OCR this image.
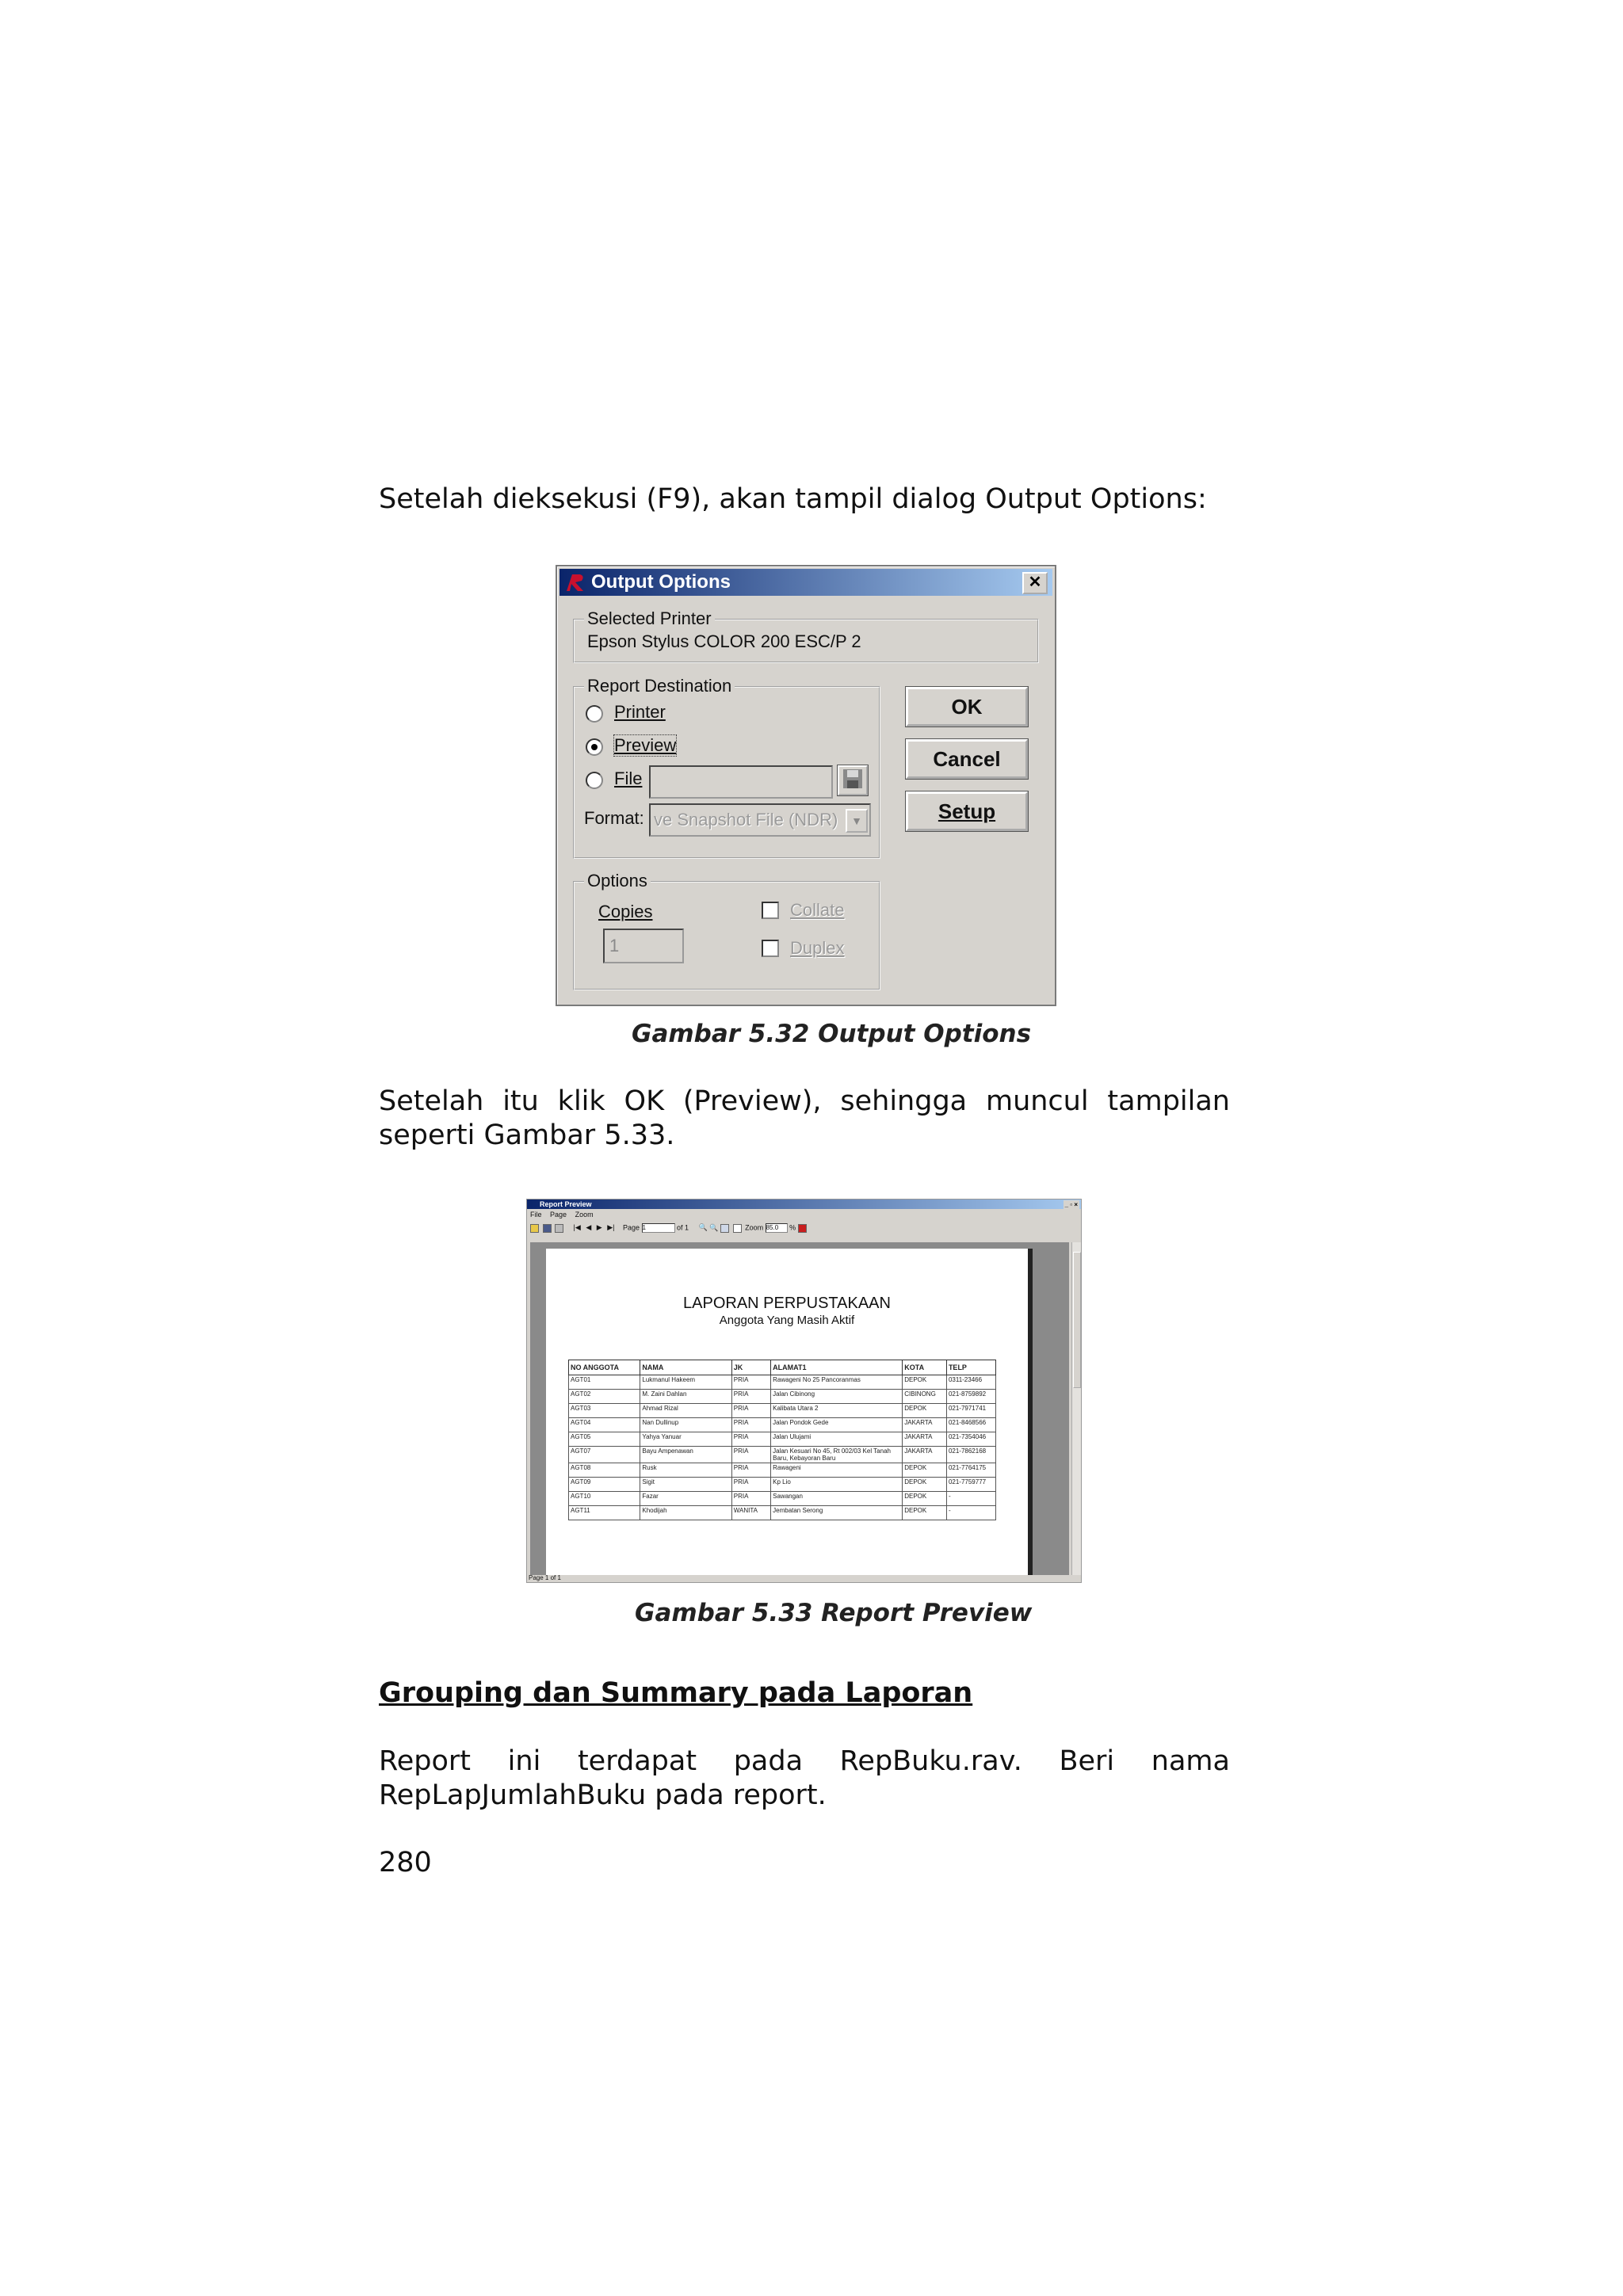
Setelah dieksekusi (F9), akan tampil dialog Output Options:
Output Options	✕
Selected Printer
Epson Stylus COLOR 200 ESC/P 2
Report Destination
Printer
Preview
File
Format: ve Snapshot File (NDR)	▼
Options
Copies
1
Collate
Duplex
OK
Cancel
Setup
Gambar 5.32 Output Options
Setelah itu klik OK (Preview), sehingga muncul tampilan seperti Gambar 5.33.
Report Preview	_ ▫ ×
File Page Zoom
|◀ ◀ ▶ ▶| Page 1	of 1 🔍 🔍	Zoom 85.0 %
LAPORAN PERPUSTAKAAN
Anggota Yang Masih Aktif
NO ANGGOTA	NAMA	JK	ALAMAT1	KOTA	TELP
AGT01	Lukmanul Hakeem	PRIA	Rawageni No 25 Pancoranmas	DEPOK	0311-23466
AGT02	M. Zaini Dahlan	PRIA	Jalan Cibinong	CIBINONG	021-8759892
AGT03	Ahmad Rizal	PRIA	Kalibata Utara 2	DEPOK	021-7971741
AGT04	Nan Dullinup	PRIA	Jalan Pondok Gede	JAKARTA	021-8468566
AGT05	Yahya Yanuar	PRIA	Jalan Ulujami	JAKARTA	021-7354046
AGT07	Bayu Ampenawan	PRIA	Jalan Kesuari No 45, Rt 002/03 Kel Tanah Baru, Kebayoran Baru	JAKARTA	021-7862168
AGT08	Rusk	PRIA	Rawageni	DEPOK	021-7764175
AGT09	Sigit	PRIA	Kp Lio	DEPOK	021-7759777
AGT10	Fazar	PRIA	Sawangan	DEPOK	-
AGT11	Khodijah	WANITA	Jembatan Serong	DEPOK	-
Page 1 of 1
Gambar 5.33 Report Preview
Grouping dan Summary pada Laporan
Report ini terdapat pada RepBuku.rav. Beri nama
RepLapJumlahBuku pada report.
280
